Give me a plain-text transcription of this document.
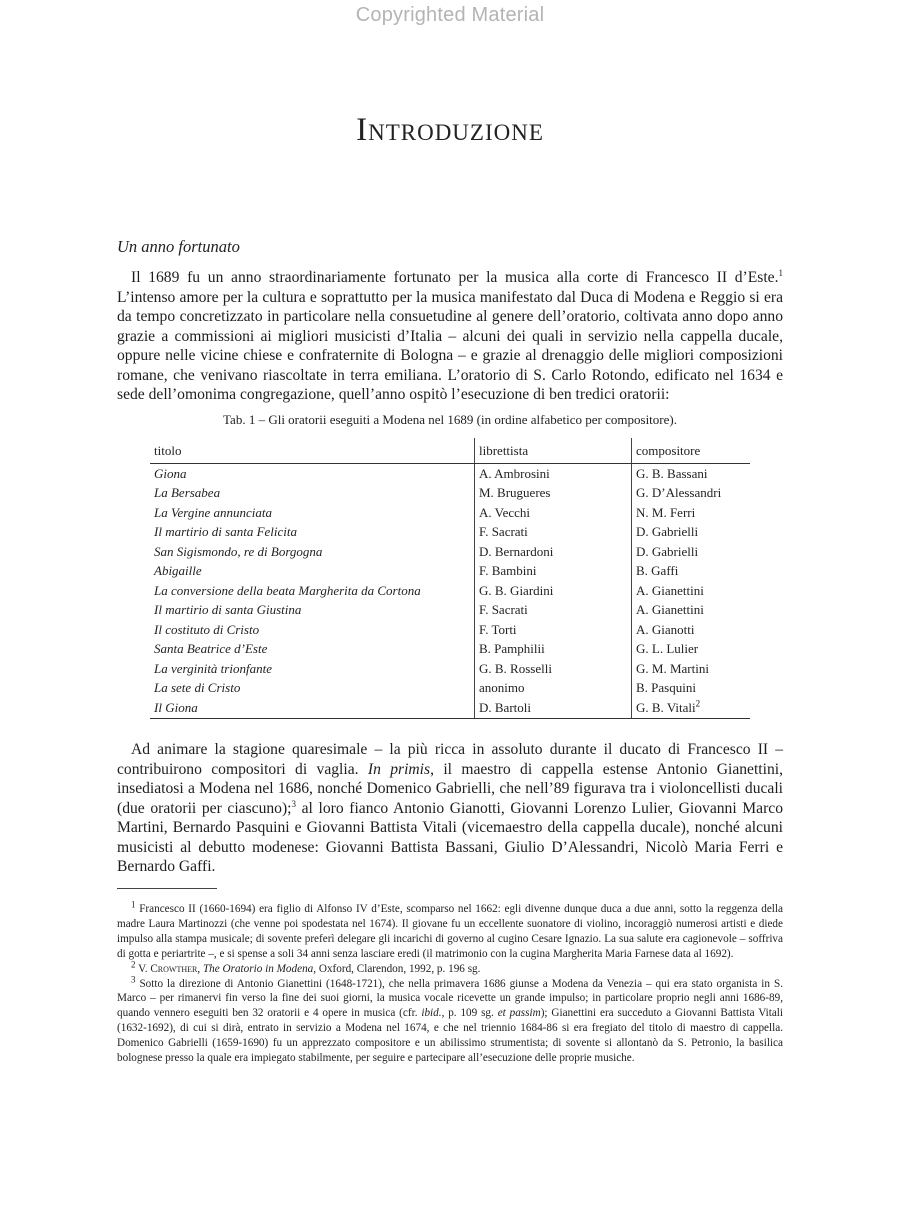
Copyrighted Material
Introduzione
Un anno fortunato

Il 1689 fu un anno straordinariamente fortunato per la musica alla corte di Francesco II d’Este.$^1$ L’intenso amore per la cultura e soprattutto per la musica manifestato dal Duca di Modena e Reggio si era da tempo concretizzato in particolare nella consuetudine al genere dell’oratorio, coltivata anno dopo anno grazie a commissioni ai migliori musicisti d’Italia – alcuni dei quali in servizio nella cappella ducale, oppure nelle vicine chiese e confraternite di Bologna – e grazie al drenaggio delle migliori composizioni romane, che venivano riascoltate in terra emiliana. L’oratorio di S. Carlo Rotondo, edificato nel 1634 e sede dell’omonima congregazione, quell’anno ospitò l’esecuzione di ben tredici oratorii:

Tab. 1 – Gli oratorii eseguiti a Modena nel 1689 (in ordine alfabetico per compositore).
titolo	librettista	compositore
Giona	A. Ambrosini	G. B. Bassani
La Bersabea	M. Brugueres	G. D’Alessandri
La Vergine annunciata	A. Vecchi	N. M. Ferri
Il martirio di santa Felicita	F. Sacrati	D. Gabrielli
San Sigismondo, re di Borgogna	D. Bernardoni	D. Gabrielli
Abigaille	F. Bambini	B. Gaffi
La conversione della beata Margherita da Cortona	G. B. Giardini	A. Gianettini
Il martirio di santa Giustina	F. Sacrati	A. Gianettini
Il costituto di Cristo	F. Torti	A. Gianotti
Santa Beatrice d’Este	B. Pamphilii	G. L. Lulier
La verginità trionfante	G. B. Rosselli	G. M. Martini
La sete di Cristo	anonimo	B. Pasquini
Il Giona	D. Bartoli	G. B. Vitali$^2$

Ad animare la stagione quaresimale – la più ricca in assoluto durante il ducato di Francesco II – contribuirono compositori di vaglia. In primis, il maestro di cappella estense Antonio Gianettini, insediatosi a Modena nel 1686, nonché Domenico Gabrielli, che nell’89 figurava tra i violoncellisti ducali (due oratorii per ciascuno);$^3$ al loro fianco Antonio Gianotti, Giovanni Lorenzo Lulier, Giovanni Marco Martini, Bernardo Pasquini e Giovanni Battista Vitali (vicemaestro della cappella ducale), nonché alcuni musicisti al debutto modenese: Giovanni Battista Bassani, Giulio D’Alessandri, Nicolò Maria Ferri e Bernardo Gaffi.

$^1$ Francesco II (1660-1694) era figlio di Alfonso IV d’Este, scomparso nel 1662: egli divenne dunque duca a due anni, sotto la reggenza della madre Laura Martinozzi (che venne poi spodestata nel 1674). Il giovane fu un eccellente suonatore di violino, incoraggiò numerosi artisti e diede impulso alla stampa musicale; di sovente preferì delegare gli incarichi di governo al cugino Cesare Ignazio. La sua salute era cagionevole – soffriva di gotta e periartrite –, e si spense a soli 34 anni senza lasciare eredi (il matrimonio con la cugina Margherita Maria Farnese data al 1692).

$^2$ V. Crowther, The Oratorio in Modena, Oxford, Clarendon, 1992, p. 196 sg.

$^3$ Sotto la direzione di Antonio Gianettini (1648-1721), che nella primavera 1686 giunse a Modena da Venezia – qui era stato organista in S. Marco – per rimanervi fin verso la fine dei suoi giorni, la musica vocale ricevette un grande impulso; in particolare proprio negli anni 1686-89, quando vennero eseguiti ben 32 oratorii e 4 opere in musica (cfr. ibid., p. 109 sg. et passim); Gianettini era succeduto a Giovanni Battista Vitali (1632-1692), di cui si dirà, entrato in servizio a Modena nel 1674, e che nel triennio 1684-86 si era fregiato del titolo di maestro di cappella. Domenico Gabrielli (1659-1690) fu un apprezzato compositore e un abilissimo strumentista; di sovente si allontanò da S. Petronio, la basilica bolognese presso la quale era impiegato stabilmente, per seguire e partecipare all’esecuzione delle proprie musiche.
